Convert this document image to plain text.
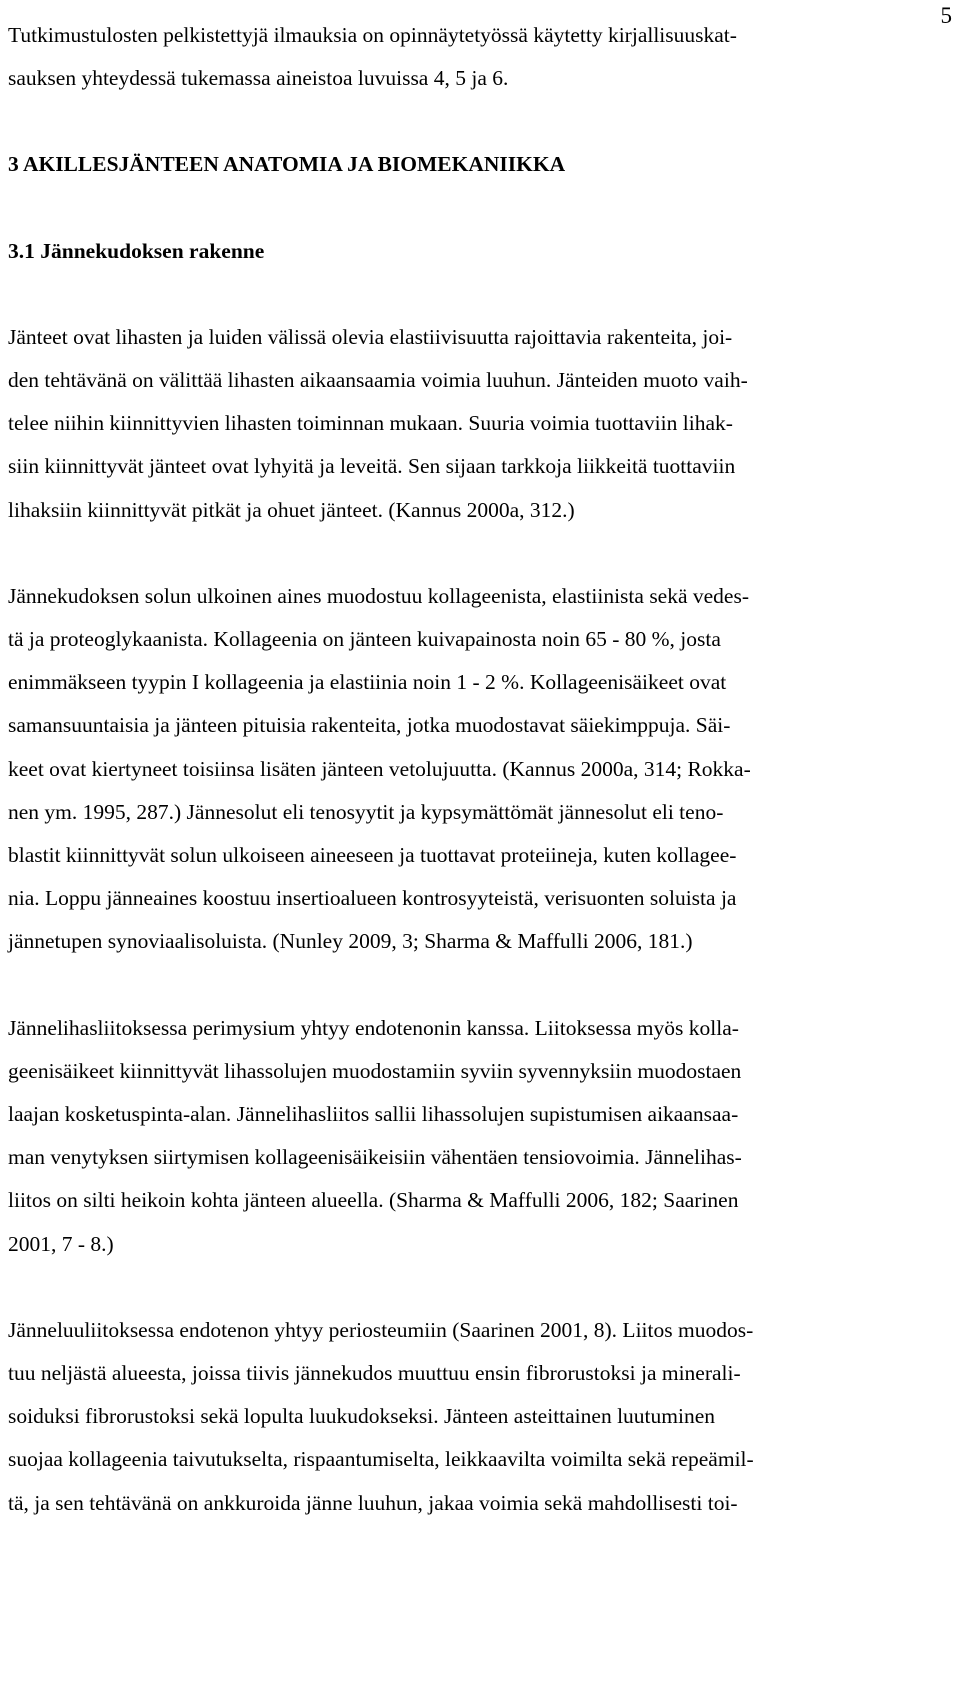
5

Tutkimustulosten pelkistettyjä ilmauksia on opinnäytetyössä käytetty kirjallisuuskat-
sauksen yhteydessä tukemassa aineistoa luvuissa 4, 5 ja 6.

3 AKILLESJÄNTEEN ANATOMIA JA BIOMEKANIIKKA
3.1 Jännekudoksen rakenne

Jänteet ovat lihasten ja luiden välissä olevia elastiivisuutta rajoittavia rakenteita, joi-
den tehtävänä on välittää lihasten aikaansaamia voimia luuhun. Jänteiden muoto vaih-
telee niihin kiinnittyvien lihasten toiminnan mukaan. Suuria voimia tuottaviin lihak-
siin kiinnittyvät jänteet ovat lyhyitä ja leveitä. Sen sijaan tarkkoja liikkeitä tuottaviin
lihaksiin kiinnittyvät pitkät ja ohuet jänteet. (Kannus 2000a, 312.)

Jännekudoksen solun ulkoinen aines muodostuu kollageenista, elastiinista sekä vedes-
tä ja proteoglykaanista. Kollageenia on jänteen kuivapainosta noin 65 - 80 %, josta
enimmäkseen tyypin I kollageenia ja elastiinia noin 1 - 2 %. Kollageenisäikeet ovat
samansuuntaisia ja jänteen pituisia rakenteita, jotka muodostavat säiekimppuja. Säi-
keet ovat kiertyneet toisiinsa lisäten jänteen vetolujuutta. (Kannus 2000a, 314; Rokka-
nen ym. 1995, 287.) Jännesolut eli tenosyytit ja kypsymättömät jännesolut eli teno-
blastit kiinnittyvät solun ulkoiseen aineeseen ja tuottavat proteiineja, kuten kollagee-
nia. Loppu jänneaines koostuu insertioalueen kontrosyyteistä, verisuonten soluista ja
jännetupen synoviaalisoluista. (Nunley 2009, 3; Sharma & Maffulli 2006, 181.)

Jännelihasliitoksessa perimysium yhtyy endotenonin kanssa. Liitoksessa myös kolla-
geenisäikeet kiinnittyvät lihassolujen muodostamiin syviin syvennyksiin muodostaen
laajan kosketuspinta-alan. Jännelihasliitos sallii lihassolujen supistumisen aikaansaa-
man venytyksen siirtymisen kollageenisäikeisiin vähentäen tensiovoimia. Jännelihas-
liitos on silti heikoin kohta jänteen alueella. (Sharma & Maffulli 2006, 182; Saarinen
2001, 7 - 8.)

Jänneluuliitoksessa endotenon yhtyy periosteumiin (Saarinen 2001, 8). Liitos muodos-
tuu neljästä alueesta, joissa tiivis jännekudos muuttuu ensin fibrorustoksi ja minerali-
soiduksi fibrorustoksi sekä lopulta luukudokseksi. Jänteen asteittainen luutuminen
suojaa kollageenia taivutukselta, rispaantumiselta, leikkaavilta voimilta sekä repeämil-
tä, ja sen tehtävänä on ankkuroida jänne luuhun, jakaa voimia sekä mahdollisesti toi-
